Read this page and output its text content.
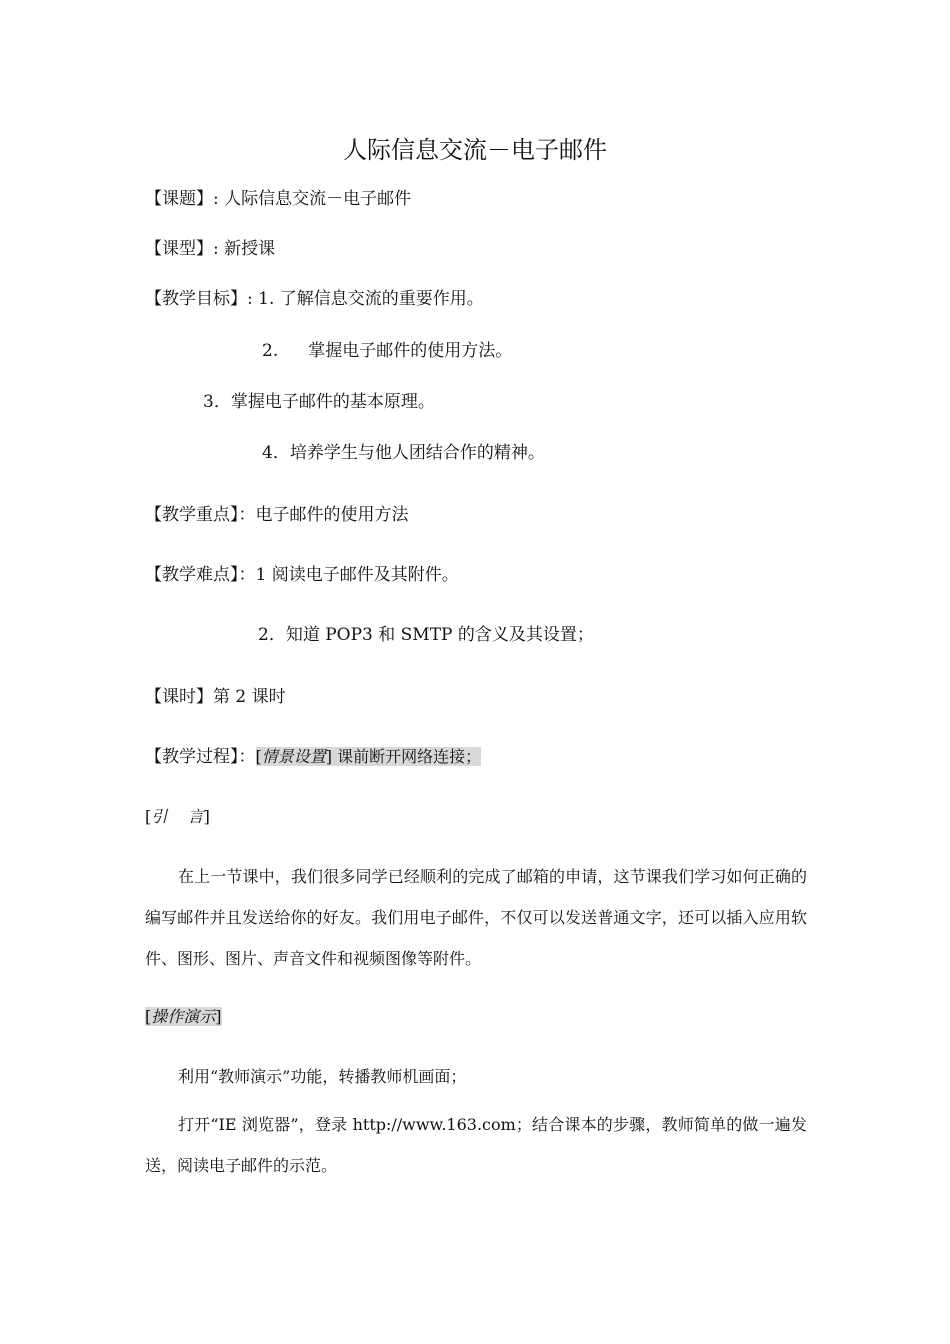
人际信息交流－电子邮件
【课题】: 人际信息交流－电子邮件
【课型】: 新授课
【教学目标】: 1. 了解信息交流的重要作用。
2. 掌握电子邮件的使用方法。
3．掌握电子邮件的基本原理。
4．培养学生与他人团结合作的精神。
【教学重点】：电子邮件的使用方法
【教学难点】：1 阅读电子邮件及其附件。
2．知道 POP3 和 SMTP 的含义及其设置；
【课时】第 2 课时
【教学过程】：[情景设置] 课前断开网络连接；
[引    言]
在上一节课中，我们很多同学已经顺利的完成了邮箱的申请，这节课我们学习如何正确的编写邮件并且发送给你的好友。我们用电子邮件，不仅可以发送普通文字，还可以插入应用软件、图形、图片、声音文件和视频图像等附件。
[操作演示]
利用“教师演示”功能，转播教师机画面；
打开“IE 浏览器”，登录 http://www.163.com；结合课本的步骤，教师简单的做一遍发送，阅读电子邮件的示范。
